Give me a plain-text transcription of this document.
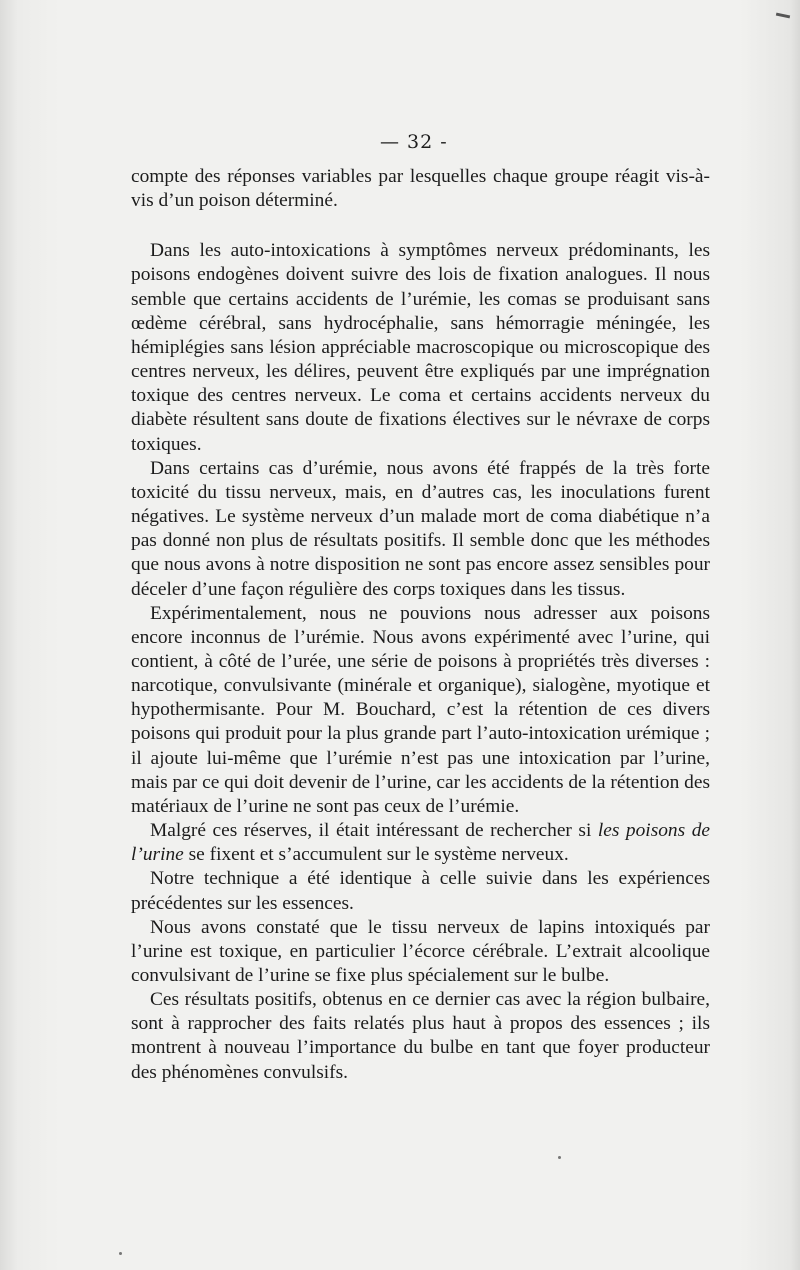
— 32 -

compte des réponses variables par lesquelles chaque groupe réagit vis-à-vis d’un poison déterminé.

Dans les auto-intoxications à symptômes nerveux prédominants, les poisons endogènes doivent suivre des lois de fixation analogues. Il nous semble que certains accidents de l’urémie, les comas se produisant sans œdème cérébral, sans hydrocéphalie, sans hémorragie méningée, les hémiplégies sans lésion appréciable macroscopique ou microscopique des centres nerveux, les délires, peuvent être expliqués par une imprégnation toxique des centres nerveux. Le coma et certains accidents nerveux du diabète résultent sans doute de fixations électives sur le névraxe de corps toxiques.

Dans certains cas d’urémie, nous avons été frappés de la très forte toxicité du tissu nerveux, mais, en d’autres cas, les inoculations furent négatives. Le système nerveux d’un malade mort de coma diabétique n’a pas donné non plus de résultats positifs. Il semble donc que les méthodes que nous avons à notre disposition ne sont pas encore assez sensibles pour déceler d’une façon régulière des corps toxiques dans les tissus.

Expérimentalement, nous ne pouvions nous adresser aux poisons encore inconnus de l’urémie. Nous avons expérimenté avec l’urine, qui contient, à côté de l’urée, une série de poisons à propriétés très diverses : narcotique, convulsivante (minérale et organique), sialogène, myotique et hypothermisante. Pour M. Bouchard, c’est la rétention de ces divers poisons qui produit pour la plus grande part l’auto-intoxication urémique ; il ajoute lui-même que l’urémie n’est pas une intoxication par l’urine, mais par ce qui doit devenir de l’urine, car les accidents de la rétention des matériaux de l’urine ne sont pas ceux de l’urémie.

Malgré ces réserves, il était intéressant de rechercher si les poisons de l’urine se fixent et s’accumulent sur le système nerveux.

Notre technique a été identique à celle suivie dans les expériences précédentes sur les essences.

Nous avons constaté que le tissu nerveux de lapins intoxiqués par l’urine est toxique, en particulier l’écorce cérébrale. L’extrait alcoolique convulsivant de l’urine se fixe plus spécialement sur le bulbe.

Ces résultats positifs, obtenus en ce dernier cas avec la région bulbaire, sont à rapprocher des faits relatés plus haut à propos des essences ; ils montrent à nouveau l’importance du bulbe en tant que foyer producteur des phénomènes convulsifs.
